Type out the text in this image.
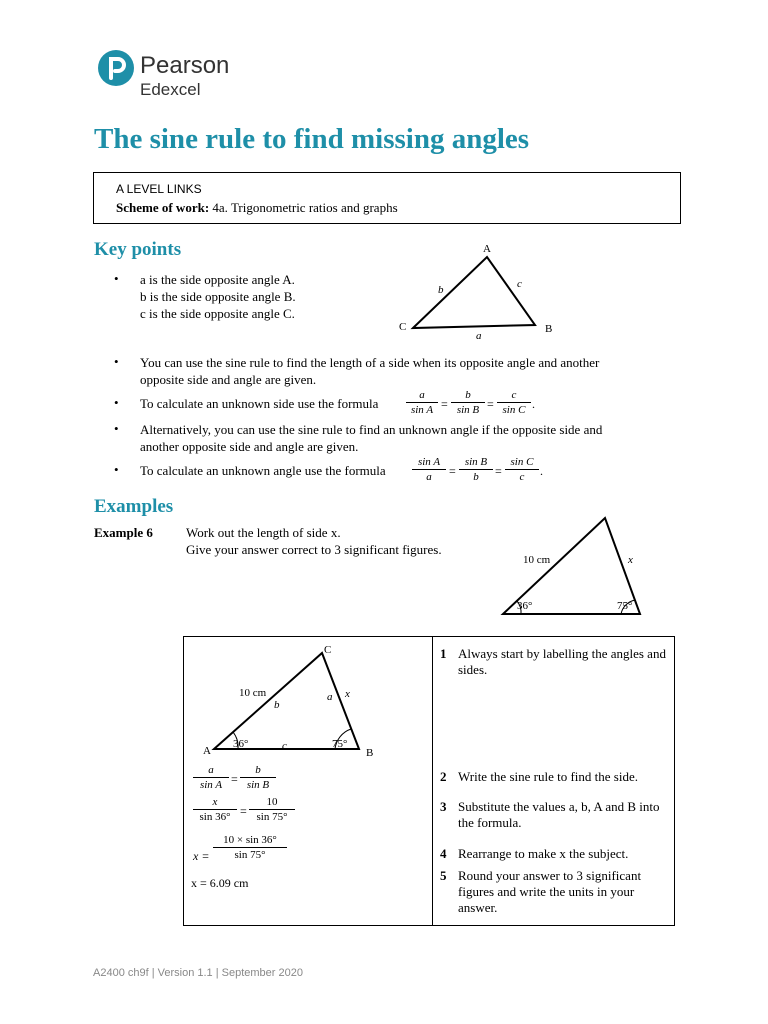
Pearson
Edexcel
The sine rule to find missing angles
A LEVEL LINKS
Scheme of work: 4a. Trigonometric ratios and graphs
Key points	A
C	B
b	c
a
• a is the side opposite angle A.
b is the side opposite angle B.
c is the side opposite angle C.
• You can use the sine rule to find the length of a side when its opposite angle and another
opposite side and angle are given.
• To calculate an unknown side use the formula	$\frac{a}{\text{sin A}} = \frac{b}{\text{sin B}} = \frac{c}{\text{sin C}}$ .
• Alternatively, you can use the sine rule to find an unknown angle if the opposite side and
another opposite side and angle are given.
• To calculate an unknown angle use the formula $\frac{\text{sin A}}{a} = \frac{\text{sin B}}{b} = \frac{\text{sin C}}{c}$ .
Examples
Example 6	Work out the length of side x.
Give your answer correct to 3 significant figures.
10 cm	x
36°	75°
C
A	B
10 cm
b
a x
c
36°	75°
$\frac{a}{\text{sin A}} = \frac{b}{\text{sin B}}$
$\frac{x}{\sin 36^\circ} = \frac{10}{\sin 75^\circ}$
$x = \frac{10 \times \sin 36^\circ}{\sin 75^\circ}$
x = 6.09 cm
1 Always start by labelling the angles and sides.
2 Write the sine rule to find the side.
3 Substitute the values a, b, A and B into the formula.
4 Rearrange to make x the subject.
5 Round your answer to 3 significant figures and write the units in your answer.
A2400 ch9f | Version 1.1 | September 2020
